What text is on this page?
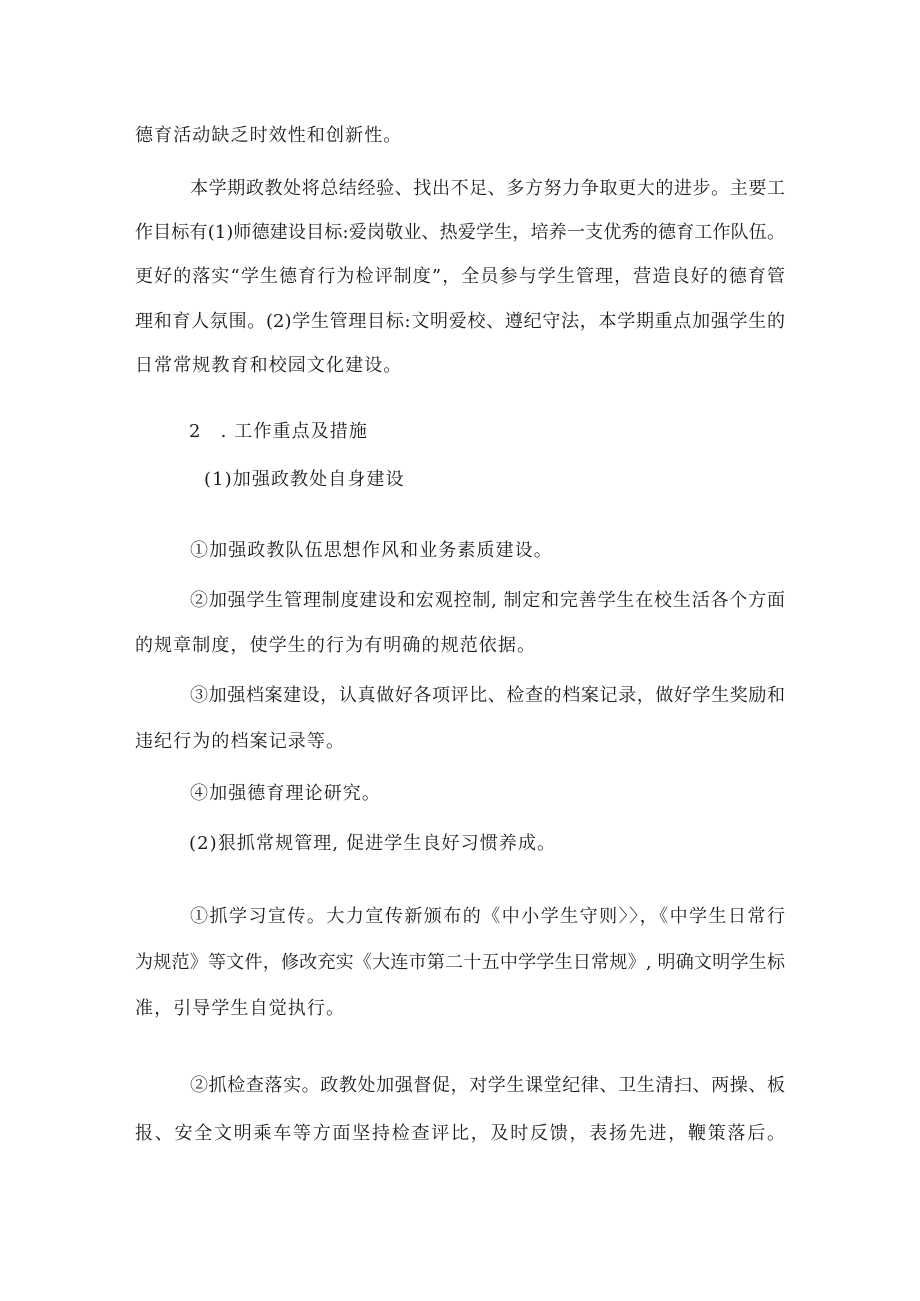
德育活动缺乏时效性和创新性。
本学期政教处将总结经验、找出不足、多方努力争取更大的进步。主要工
作目标有(1)师德建设目标:爱岗敬业、热爱学生，培养一支优秀的德育工作队伍。
更好的落实“学生德育行为检评制度”，全员参与学生管理，营造良好的德育管
理和育人氛围。(2)学生管理目标:文明爱校、遵纪守法，本学期重点加强学生的
日常常规教育和校园文化建设。
2　. 工作重点及措施
(1)加强政教处自身建设
①加强政教队伍思想作风和业务素质建设。
②加强学生管理制度建设和宏观控制, 制定和完善学生在校生活各个方面
的规章制度，使学生的行为有明确的规范依据。
③加强档案建设，认真做好各项评比、检查的档案记录，做好学生奖励和
违纪行为的档案记录等。
④加强德育理论研究。
(2)狠抓常规管理, 促进学生良好习惯养成。
①抓学习宣传。大力宣传新颁布的《中小学生守则〉〉，《中学生日常行
为规范》等文件，修改充实《大连市第二十五中学学生日常规》, 明确文明学生标
准，引导学生自觉执行。
②抓检查落实。政教处加强督促，对学生课堂纪律、卫生清扫、两操、板
报、安全文明乘车等方面坚持检查评比，及时反馈，表扬先进，鞭策落后。
